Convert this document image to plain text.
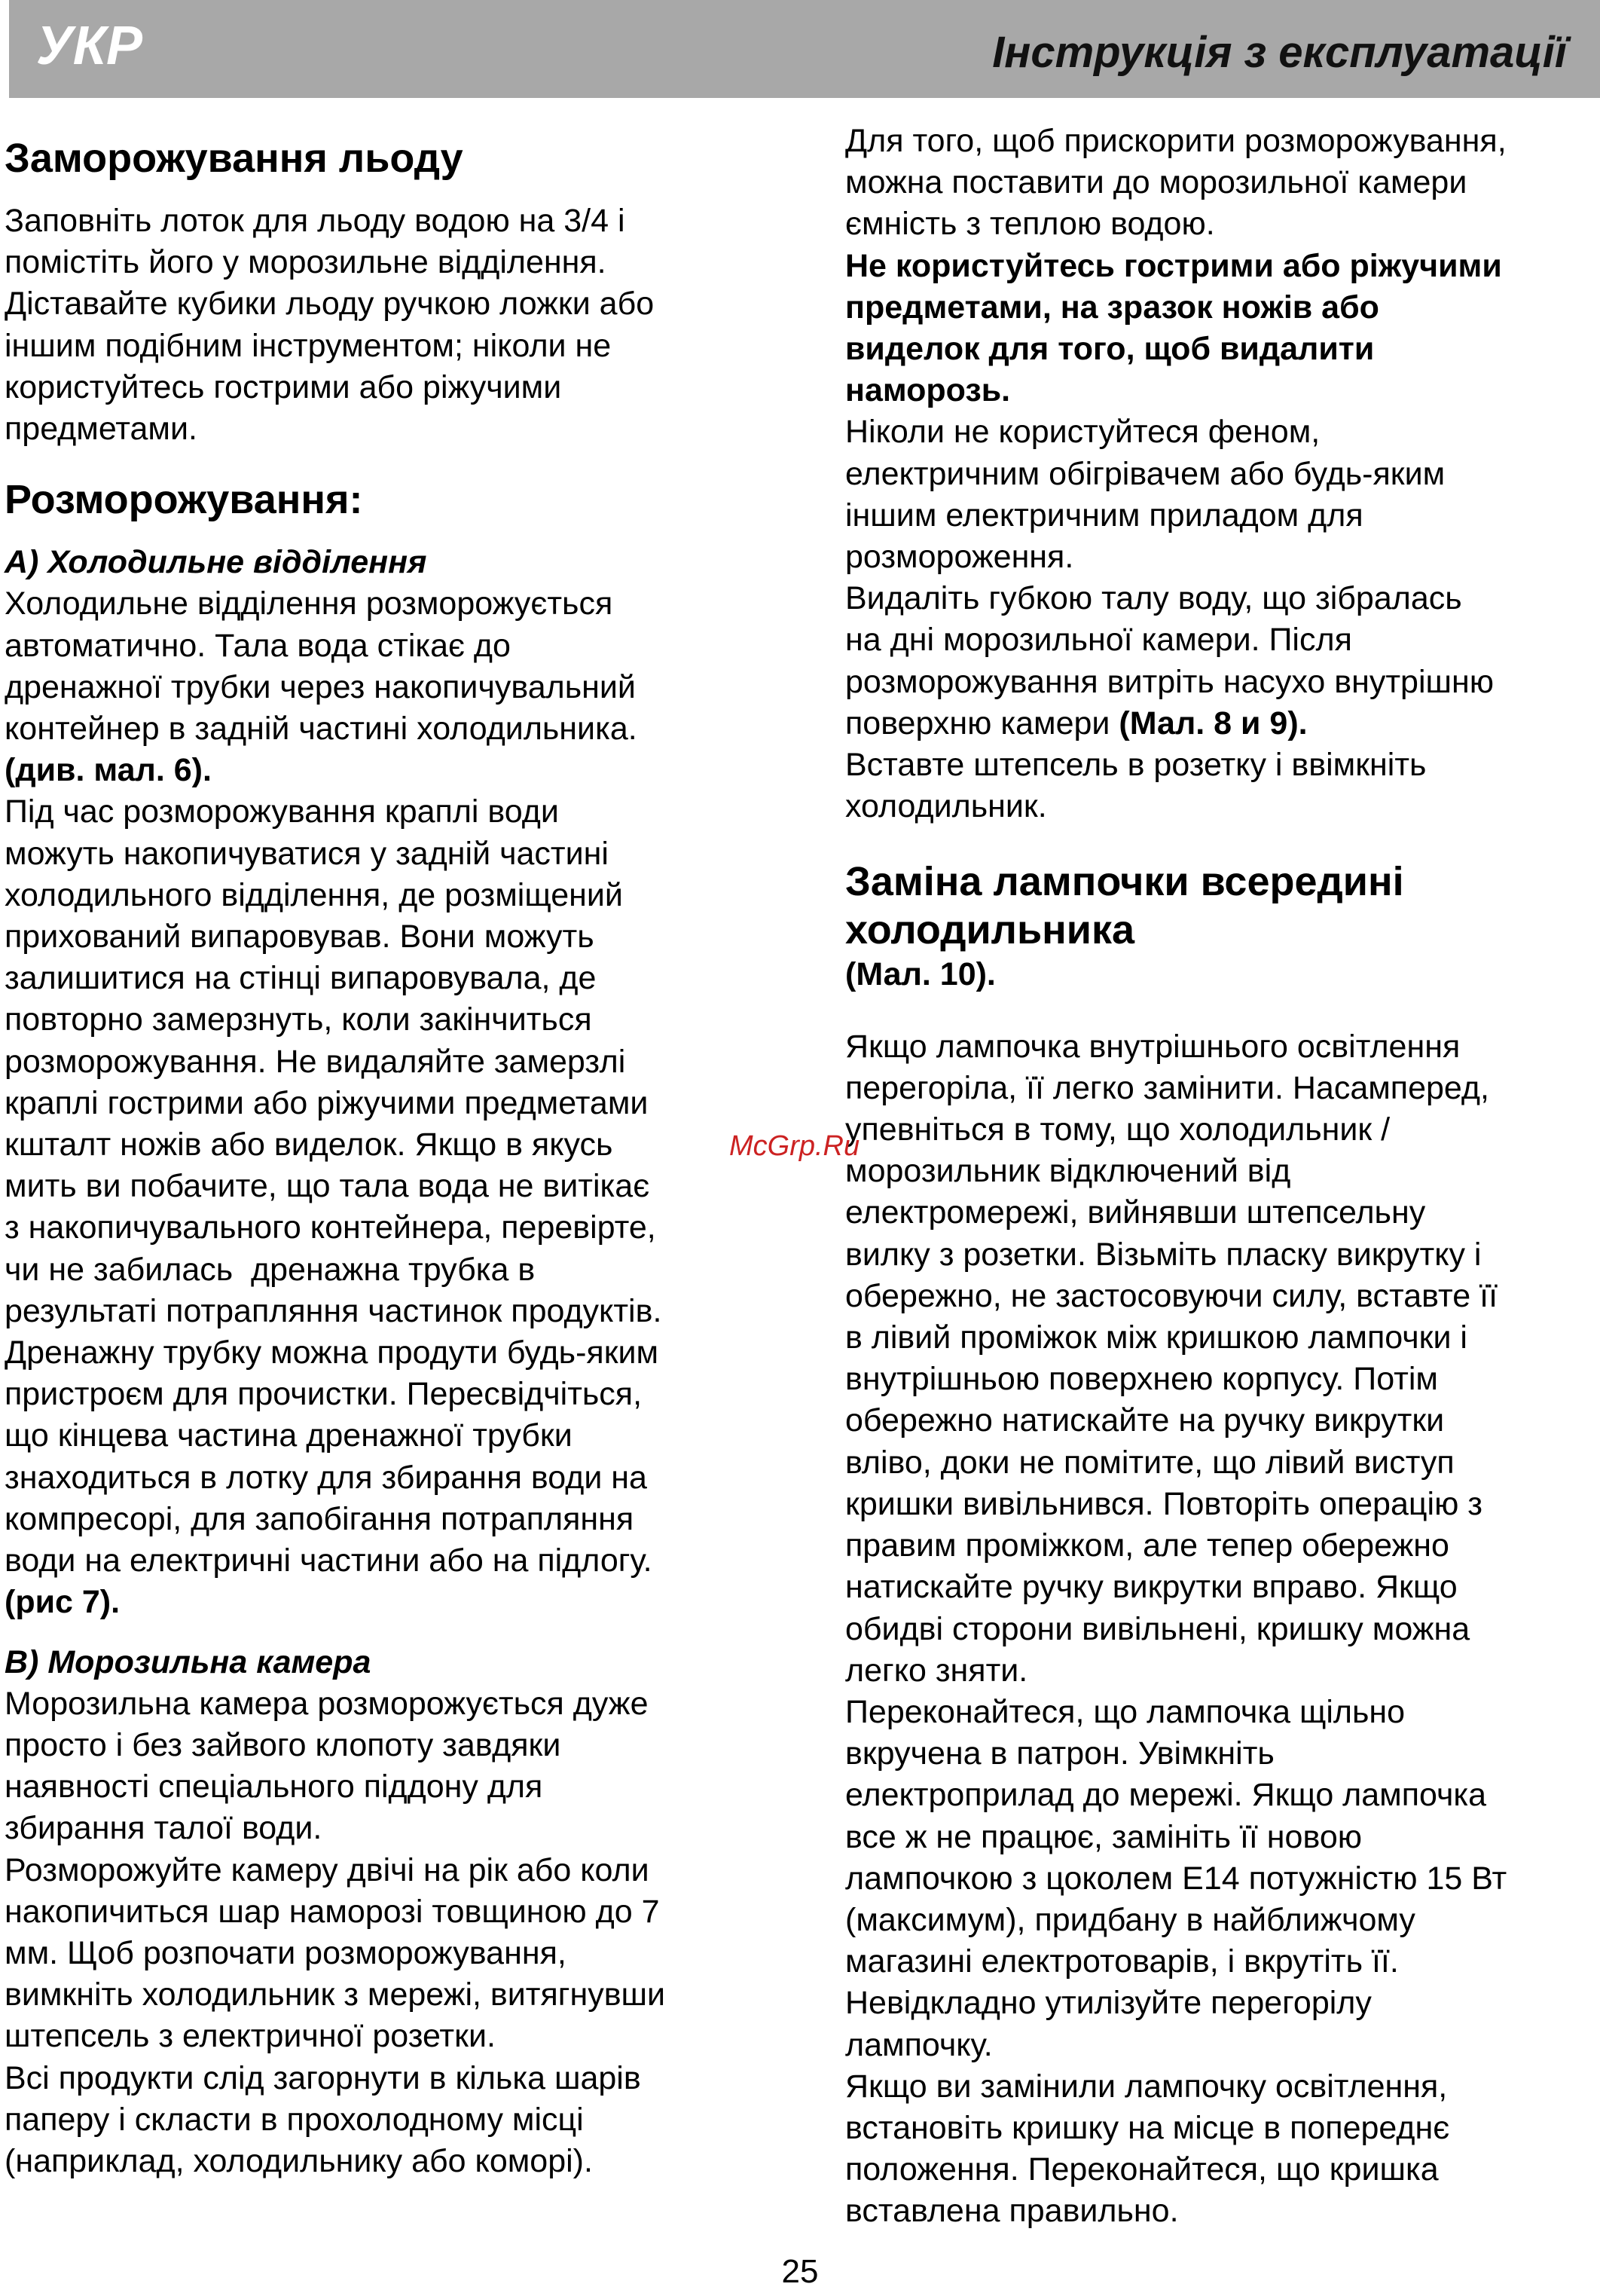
УКР	Інструкція з експлуатації
Заморожування льоду
Заповніть лоток для льоду водою на 3/4 і
помістіть його у морозильне відділення.
Діставайте кубики льоду ручкою ложки або
іншим подібним інструментом; ніколи не
користуйтесь гострими або ріжучими
предметами.
Розморожування:
A) Холодильне відділення
Холодильне відділення розморожується
автоматично. Тала вода стікає до
дренажної трубки через накопичувальний
контейнер в задній частині холодильника.
(див. мал. 6).
Під час розморожування краплі води
можуть накопичуватися у задній частині
холодильного відділення, де розміщений
прихований випаровував. Вони можуть
залишитися на стінці випаровувала, де
повторно замерзнуть, коли закінчиться
розморожування. Не видаляйте замерзлі
краплі гострими або ріжучими предметами
кшталт ножів або виделок. Якщо в якусь
мить ви побачите, що тала вода не витікає
з накопичувального контейнера, перевірте,
чи не забилась  дренажна трубка в
результаті потрапляння частинок продуктів.
Дренажну трубку можна продути будь-яким
пристроєм для прочистки. Пересвідчіться,
що кінцева частина дренажної трубки
знаходиться в лотку для збирання води на
компресорі, для запобігання потрапляння
води на електричні частини або на підлогу.
(рис 7).
B) Морозильна камера
Морозильна камера розморожується дуже
просто і без зайвого клопоту завдяки
наявності спеціального піддону для
збирання талої води.
Розморожуйте камеру двічі на рік або коли
накопичиться шар наморозі товщиною до 7
мм. Щоб розпочати розморожування,
вимкніть холодильник з мережі, витягнувши
штепсель з електричної розетки.
Всі продукти слід загорнути в кілька шарів
паперу і скласти в прохолодному місці
(наприклад, холодильнику або коморі).
Для того, щоб прискорити розморожування,
можна поставити до морозильної камери
ємність з теплою водою.
Не користуйтесь гострими або ріжучими
предметами, на зразок ножів або
виделок для того, щоб видалити
наморозь.
Ніколи не користуйтеся феном,
електричним обігрівачем або будь-яким
іншим електричним приладом для
розмороження.
Видаліть губкою талу воду, що зібралась
на дні морозильної камери. Після
розморожування витріть насухо внутрішню
поверхню камери (Мал. 8 и 9).
Вставте штепсель в розетку і ввімкніть
холодильник.
Заміна лампочки всередині
холодильника
(Мал. 10).
Якщо лампочка внутрішнього освітлення
перегоріла, її легко замінити. Насамперед,
упевніться в тому, що холодильник /
морозильник відключений від
електромережі, вийнявши штепсельну
вилку з розетки. Візьміть пласку викрутку і
обережно, не застосовуючи силу, вставте її
в лівий проміжок між кришкою лампочки і
внутрішньою поверхнею корпусу. Потім
обережно натискайте на ручку викрутки
вліво, доки не помітите, що лівий виступ
кришки вивільнився. Повторіть операцію з
правим проміжком, але тепер обережно
натискайте ручку викрутки вправо. Якщо
обидві сторони вивільнені, кришку можна
легко зняти.
Переконайтеся, що лампочка щільно
вкручена в патрон. Увімкніть
електроприлад до мережі. Якщо лампочка
все ж не працює, замініть її новою
лампочкою з цоколем Е14 потужністю 15 Вт
(максимум), придбану в найближчому
магазині електротоварів, і вкрутіть її.
Невідкладно утилізуйте перегорілу
лампочку.
Якщо ви замінили лампочку освітлення,
встановіть кришку на місце в попереднє
положення. Переконайтеся, що кришка
вставлена правильно.
McGrp.Ru
25
